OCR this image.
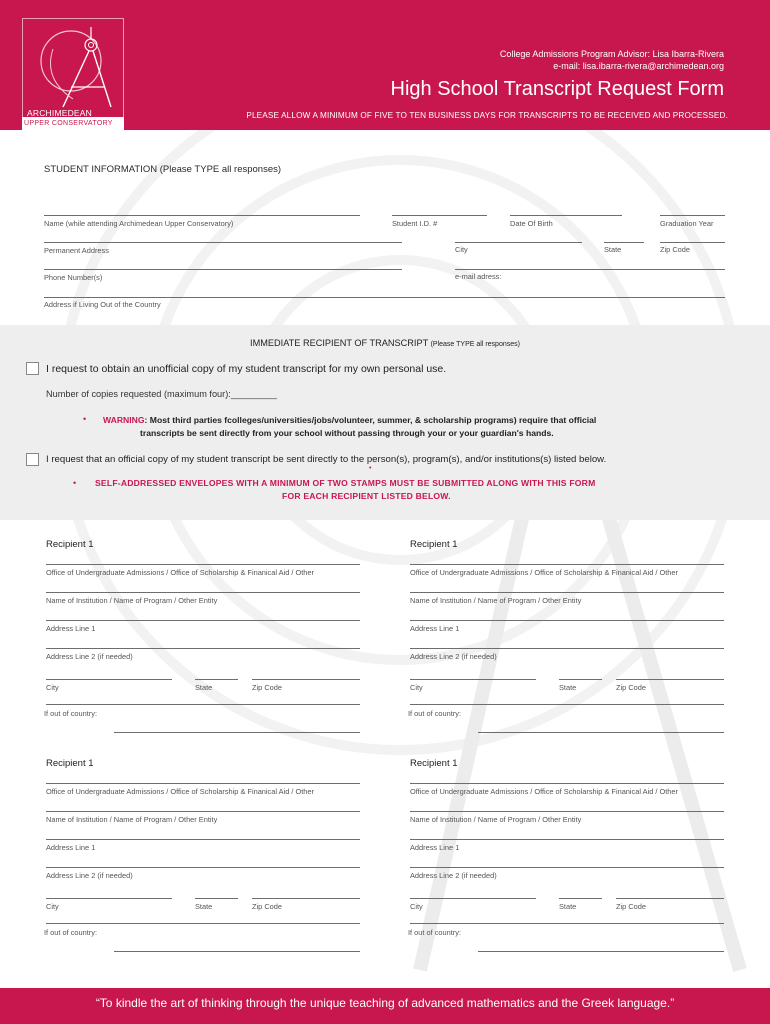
ARCHIMEDEAN
UPPER CONSERVATORY
College Admissions Program Advisor: Lisa Ibarra-Rivera
e-mail: lisa.ibarra-rivera@archimedean.org
High School Transcript Request Form
PLEASE ALLOW A MINIMUM OF FIVE TO TEN BUSINESS DAYS FOR TRANSCRIPTS TO BE RECEIVED AND PROCESSED.
STUDENT INFORMATION (Please TYPE all responses)
Name (while attending Archimedean Upper Conservatory)	Student I.D. #	Date Of Birth	Graduation Year
Permanent Address	City	State	Zip Code
Phone Number(s)	e-mail adress:
Address if Living Out of the Country
IMMEDIATE RECIPIENT OF TRANSCRIPT (Please TYPE all responses)
I request to obtain an unofficial copy of my student transcript for my own personal use.
Number of copies requested (maximum four):_________
• WARNING: Most third parties fcolleges/universities/jobs/volunteer, summer, & scholarship programs) require that official
transcripts be sent directly from your school without passing through your or your guardian's hands.
I request that an official copy of my student transcript be sent directly to the person(s), program(s), and/or institutions(s) listed below.
•
• SELF-ADDRESSED ENVELOPES WITH A MINIMUM OF TWO STAMPS MUST BE SUBMITTED ALONG WITH THIS FORM
FOR EACH RECIPIENT LISTED BELOW.
Recipient 1
Office of Undergraduate Admissions / Office of Scholarship & Finanical Aid / Other
Name of Institution / Name of Program / Other Entity
Address Line 1
Address Line 2 (if needed)
City	State	Zip Code
If out of country:
Recipient 1
Office of Undergraduate Admissions / Office of Scholarship & Finanical Aid / Other
Name of Institution / Name of Program / Other Entity
Address Line 1
Address Line 2 (if needed)
City	State	Zip Code
If out of country:
Recipient 1
Office of Undergraduate Admissions / Office of Scholarship & Finanical Aid / Other
Name of Institution / Name of Program / Other Entity
Address Line 1
Address Line 2 (if needed)
City	State	Zip Code
If out of country:
Recipient 1
Office of Undergraduate Admissions / Office of Scholarship & Finanical Aid / Other
Name of Institution / Name of Program / Other Entity
Address Line 1
Address Line 2 (if needed)
City	State	Zip Code
If out of country:
“To kindle the art of thinking through the unique teaching of advanced mathematics and the Greek language.”
